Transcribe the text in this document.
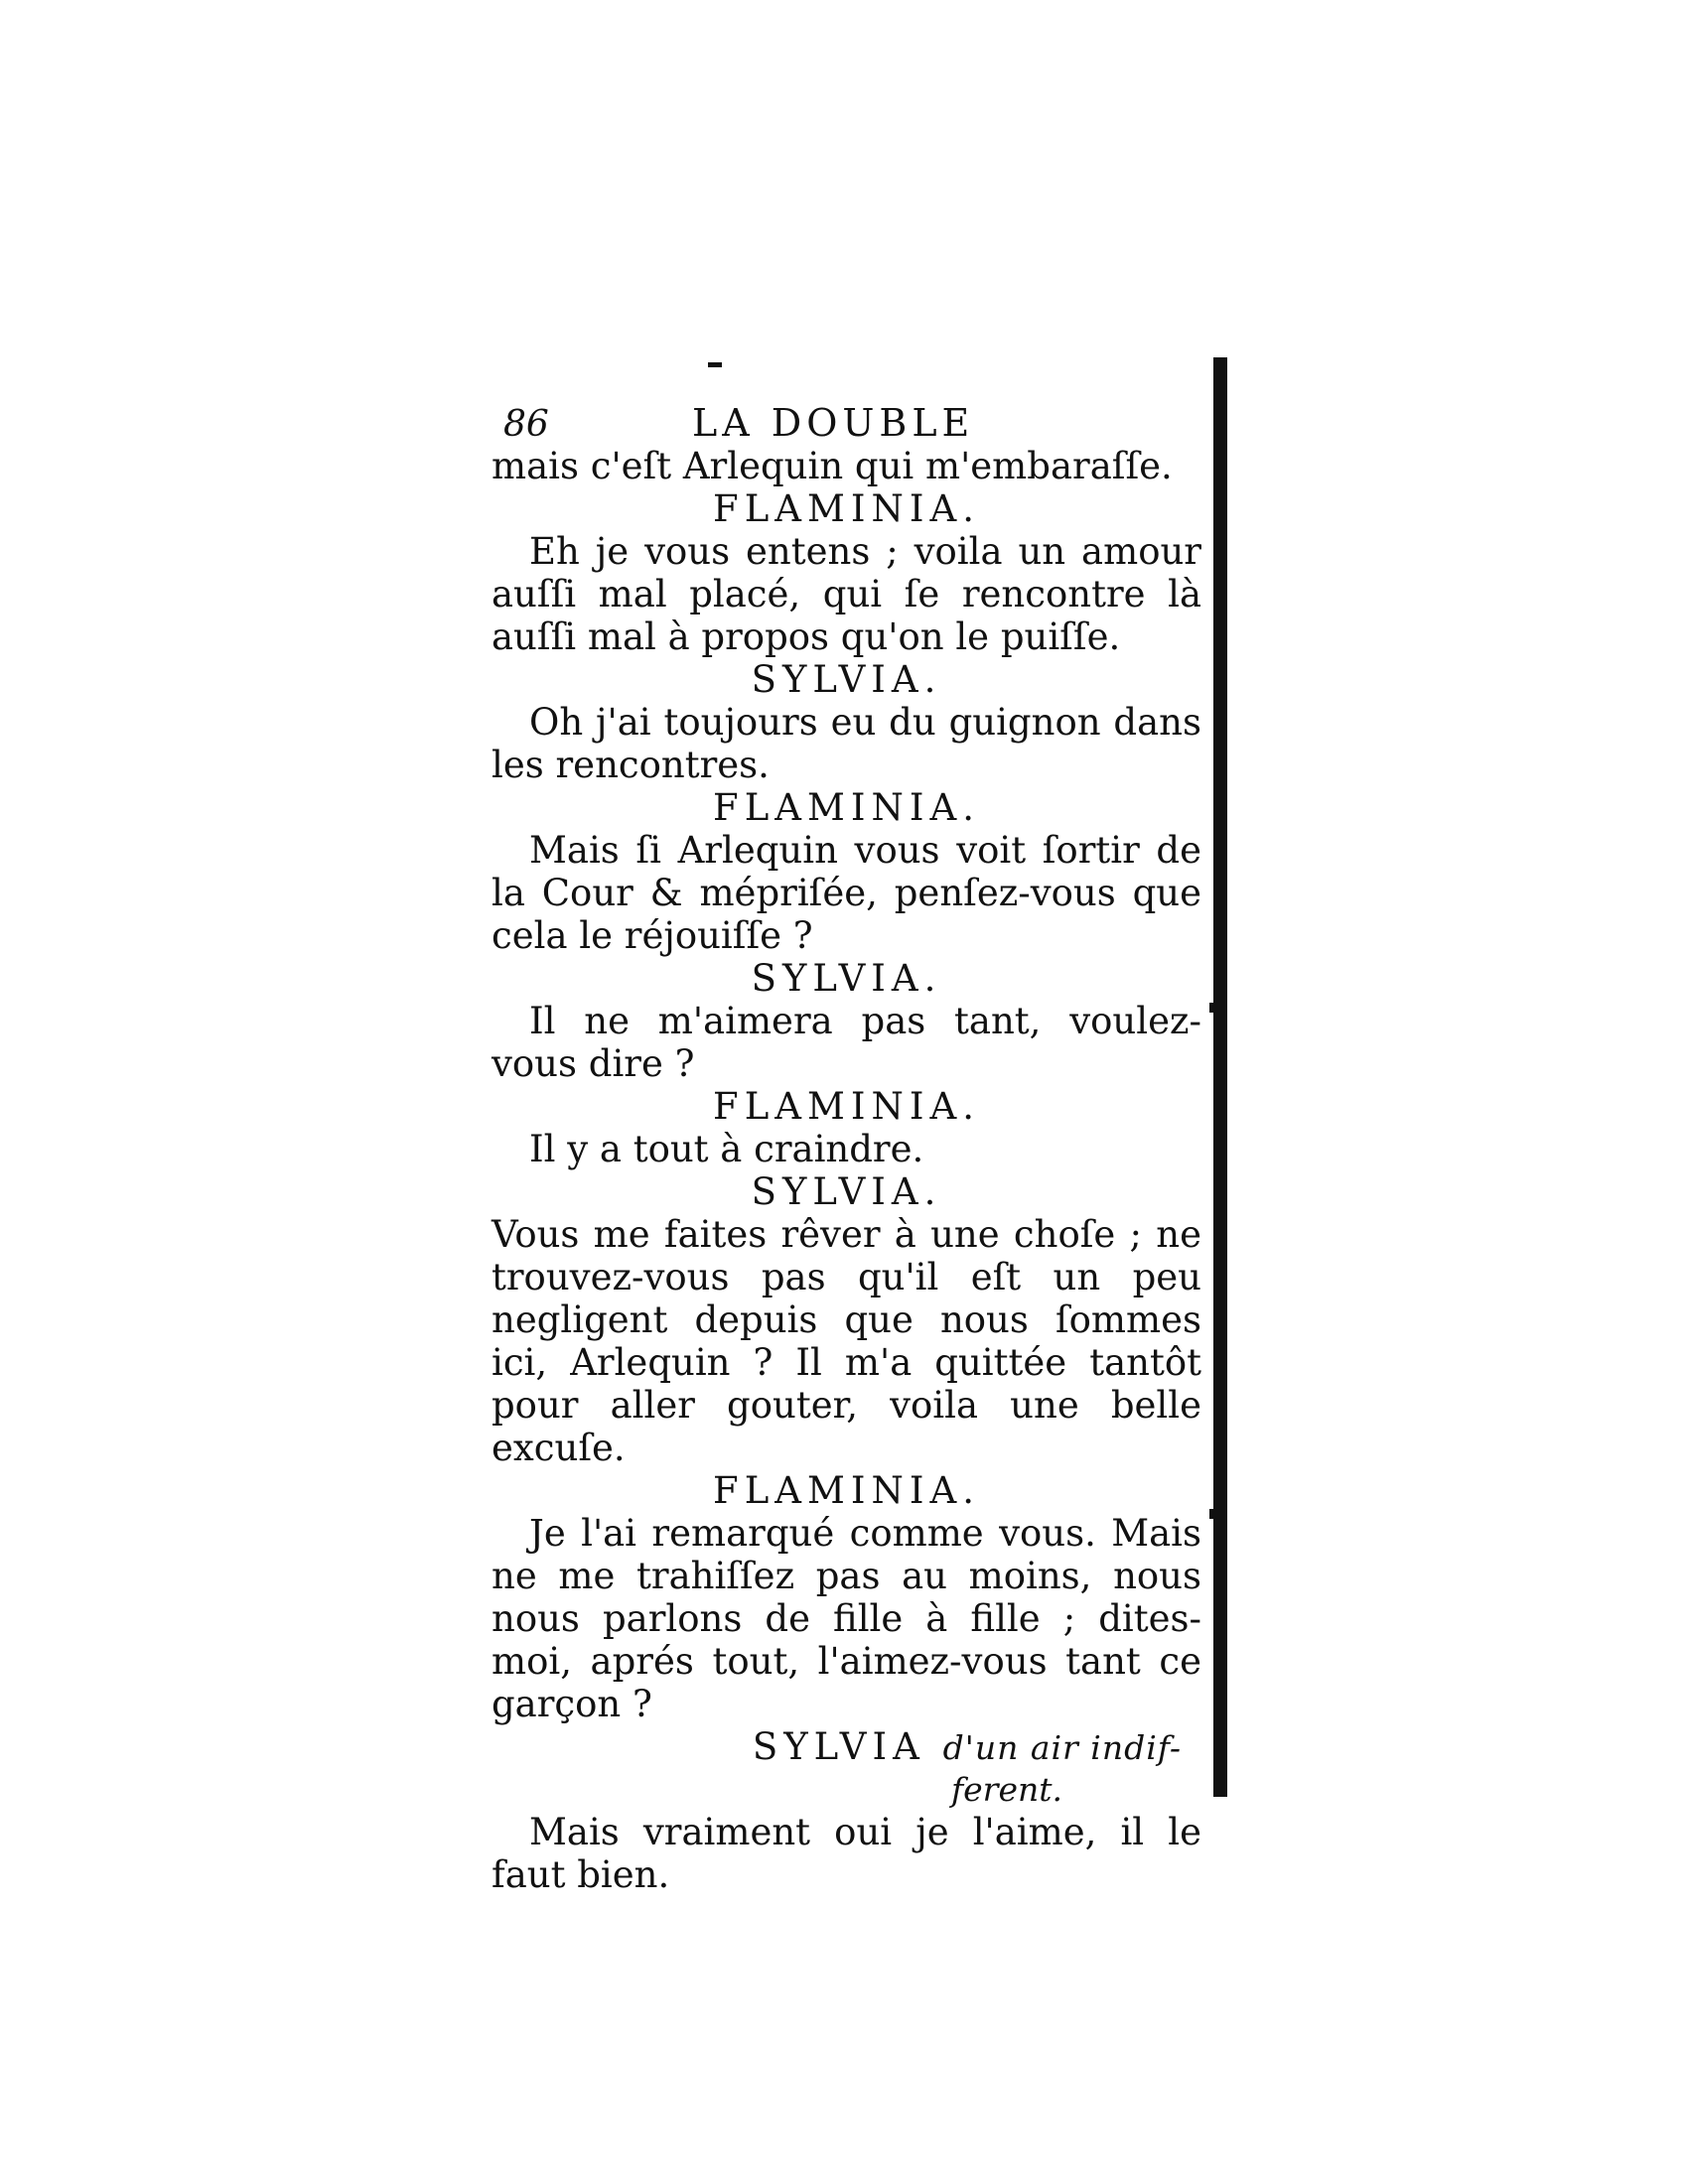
86	LA DOUBLE
mais c'eſt Arlequin qui m'embaraſſe.
FLAMINIA.
Eh je vous entens ; voila un amour auſſi mal placé, qui ſe rencontre là auſſi mal à propos qu'on le puiſſe.
SYLVIA.
Oh j'ai toujours eu du guignon dans les rencontres.
FLAMINIA.
Mais ſi Arlequin vous voit ſortir de la Cour & mépriſée, penſez-vous que cela le réjouiſſe ?
SYLVIA.
Il ne m'aimera pas tant, voulez-vous dire ?
FLAMINIA.
Il y a tout à craindre.
SYLVIA.
Vous me faites rêver à une choſe ; ne trouvez-vous pas qu'il eſt un peu negligent depuis que nous ſommes ici, Arlequin ? Il m'a quittée tantôt pour aller gouter, voila une belle excuſe.
FLAMINIA.
Je l'ai remarqué comme vous. Mais ne me trahiſſez pas au moins, nous nous parlons de fille à fille ; dites-moi, aprés tout, l'aimez-vous tant ce garçon ?
SYLVIA d'un air indif-
ferent.
Mais vraiment oui je l'aime, il le faut bien.
